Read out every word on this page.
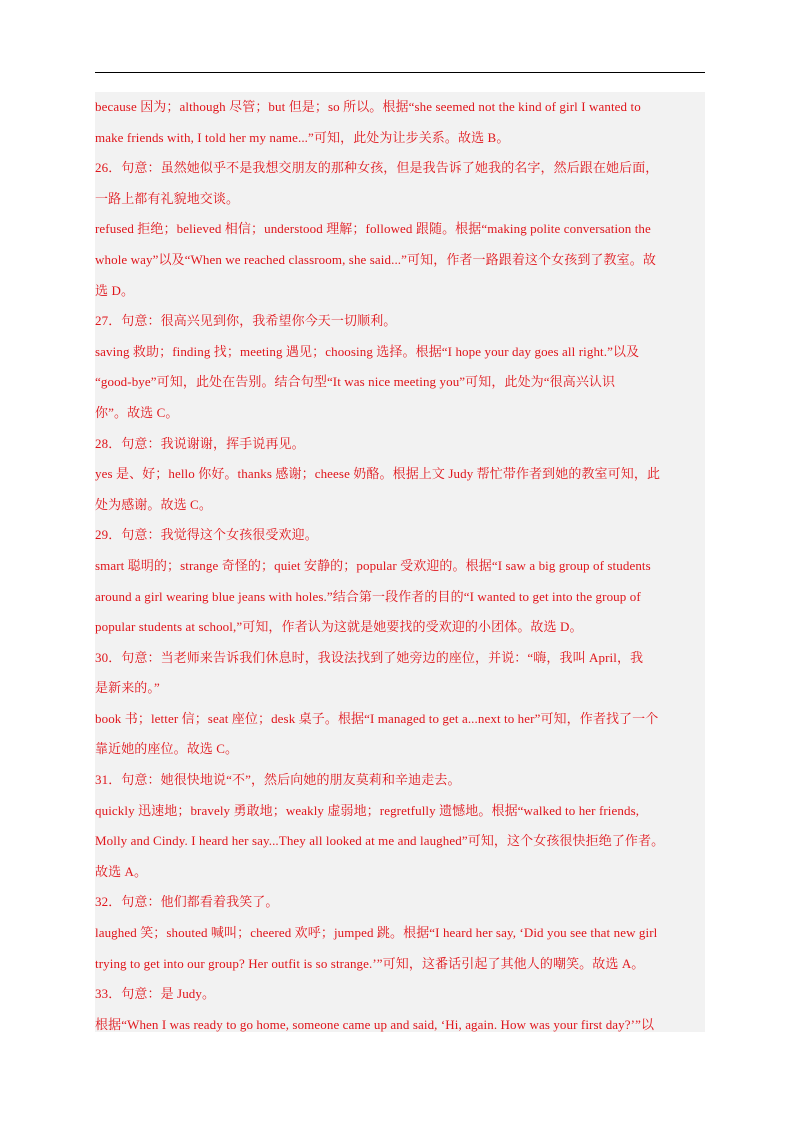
because 因为；although 尽管；but 但是；so 所以。根据“she seemed not the kind of girl I wanted to
make friends with, I told her my name...”可知，此处为让步关系。故选 B。
26．句意：虽然她似乎不是我想交朋友的那种女孩，但是我告诉了她我的名字，然后跟在她后面，
一路上都有礼貌地交谈。
refused 拒绝；believed 相信；understood 理解；followed 跟随。根据“making polite conversation the
whole way”以及“When we reached classroom, she said...”可知，作者一路跟着这个女孩到了教室。故
选 D。
27．句意：很高兴见到你，我希望你今天一切顺利。
saving 救助；finding 找；meeting 遇见；choosing 选择。根据“I hope your day goes all right.”以及
“good-bye”可知，此处在告别。结合句型“It was nice meeting you”可知，此处为“很高兴认识
你”。故选 C。
28．句意：我说谢谢，挥手说再见。
yes 是、好；hello 你好。thanks 感谢；cheese 奶酪。根据上文 Judy 帮忙带作者到她的教室可知，此
处为感谢。故选 C。
29．句意：我觉得这个女孩很受欢迎。
smart 聪明的；strange 奇怪的；quiet 安静的；popular 受欢迎的。根据“I saw a big group of students
around a girl wearing blue jeans with holes.”结合第一段作者的目的“I wanted to get into the group of
popular students at school,”可知，作者认为这就是她要找的受欢迎的小团体。故选 D。
30．句意：当老师来告诉我们休息时，我设法找到了她旁边的座位，并说：“嗨，我叫 April，我
是新来的。”
book 书；letter 信；seat 座位；desk 桌子。根据“I managed to get a...next to her”可知，作者找了一个
靠近她的座位。故选 C。
31．句意：她很快地说“不”，然后向她的朋友莫莉和辛迪走去。
quickly 迅速地；bravely 勇敢地；weakly 虚弱地；regretfully 遗憾地。根据“walked to her friends,
Molly and Cindy. I heard her say...They all looked at me and laughed”可知，这个女孩很快拒绝了作者。
故选 A。
32．句意：他们都看着我笑了。
laughed 笑；shouted 喊叫；cheered 欢呼；jumped 跳。根据“I heard her say, ‘Did you see that new girl
trying to get into our group? Her outfit is so strange.’”可知，这番话引起了其他人的嘲笑。故选 A。
33．句意：是 Judy。
根据“When I was ready to go home, someone came up and said, ‘Hi, again. How was your first day?’”以
